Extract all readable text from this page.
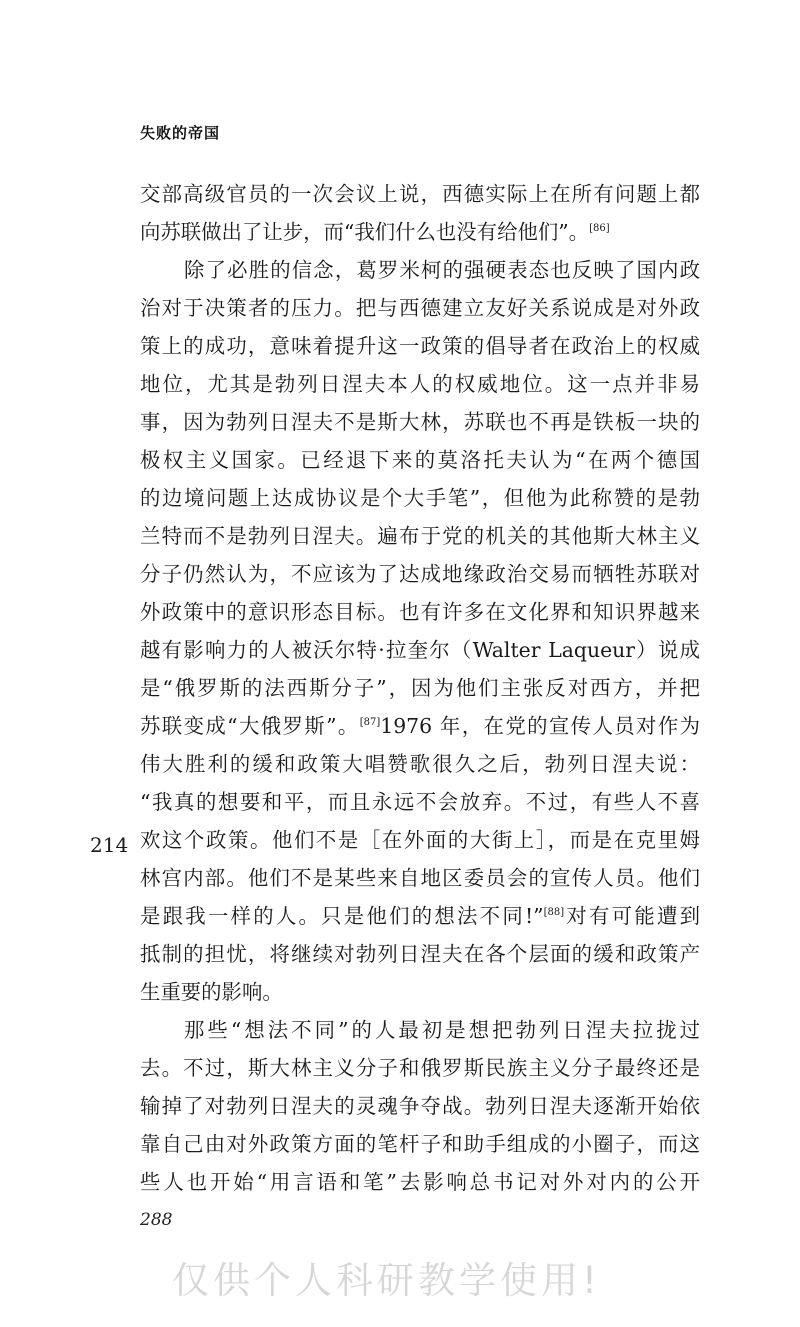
失败的帝国
交部高级官员的一次会议上说，西德实际上在所有问题上都
向苏联做出了让步，而“我们什么也没有给他们”。[86]
除了必胜的信念，葛罗米柯的强硬表态也反映了国内政
治对于决策者的压力。把与西德建立友好关系说成是对外政
策上的成功，意味着提升这一政策的倡导者在政治上的权威
地位，尤其是勃列日涅夫本人的权威地位。这一点并非易
事，因为勃列日涅夫不是斯大林，苏联也不再是铁板一块的
极权主义国家。已经退下来的莫洛托夫认为“在两个德国
的边境问题上达成协议是个大手笔”，但他为此称赞的是勃
兰特而不是勃列日涅夫。遍布于党的机关的其他斯大林主义
分子仍然认为，不应该为了达成地缘政治交易而牺牲苏联对
外政策中的意识形态目标。也有许多在文化界和知识界越来
越有影响力的人被沃尔特·拉奎尔（Walter Laqueur）说成
是“俄罗斯的法西斯分子”，因为他们主张反对西方，并把
苏联变成“大俄罗斯”。[87]1976 年，在党的宣传人员对作为
伟大胜利的缓和政策大唱赞歌很久之后，勃列日涅夫说：
“我真的想要和平，而且永远不会放弃。不过，有些人不喜
欢这个政策。他们不是［在外面的大街上］，而是在克里姆
林宫内部。他们不是某些来自地区委员会的宣传人员。他们
是跟我一样的人。只是他们的想法不同!”[88]对有可能遭到
抵制的担忧，将继续对勃列日涅夫在各个层面的缓和政策产
生重要的影响。
那些“想法不同”的人最初是想把勃列日涅夫拉拢过
去。不过，斯大林主义分子和俄罗斯民族主义分子最终还是
输掉了对勃列日涅夫的灵魂争夺战。勃列日涅夫逐渐开始依
靠自己由对外政策方面的笔杆子和助手组成的小圈子，而这
些人也开始“用言语和笔”去影响总书记对外对内的公开
214
288
仅供个人科研教学使用!
